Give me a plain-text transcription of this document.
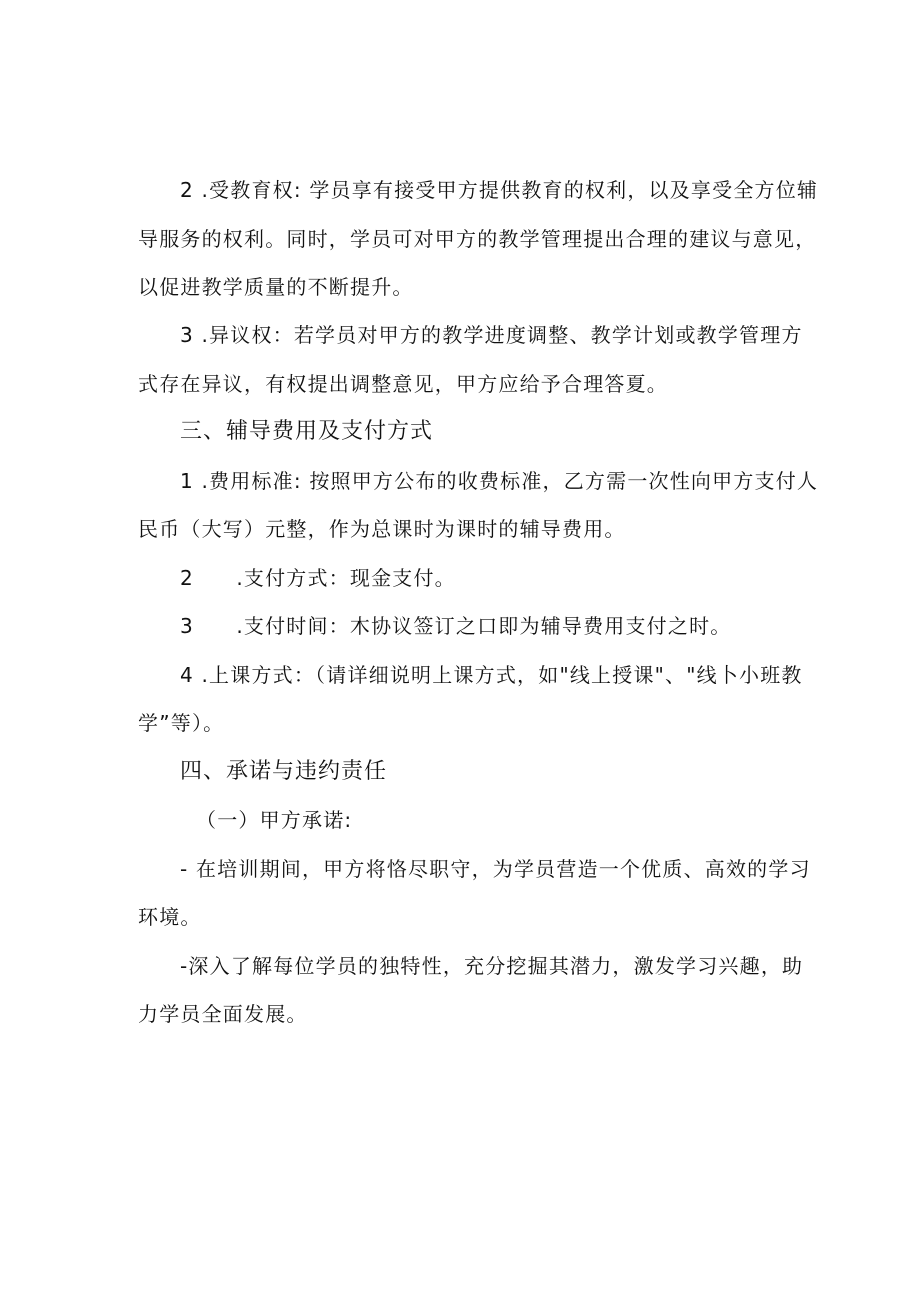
2 .受教育权: 学员享有接受甲方提供教育的权利，以及享受全方位辅
导服务的权利。同时，学员可对甲方的教学管理提出合理的建议与意见，
以促进教学质量的不断提升。
3 .异议权：若学员对甲方的教学进度调整、教学计划或教学管理方
式存在异议，有权提出调整意见，甲方应给予合理答夏。
三、辅导费用及支付方式
1 .费用标准: 按照甲方公布的收费标准，乙方需一次性向甲方支付人
民币（大写）元整，作为总课时为课时的辅导费用。
2　　.支付方式：现金支付。
3　　.支付时间：木协议签订之口即为辅导费用支付之时。
4 .上课方式：（请详细说明上课方式，如"线上授课"、"线卜小班教
学”等）。
四、承诺与违约责任
（一）甲方承诺:
- 在培训期间，甲方将恪尽职守，为学员营造一个优质、高效的学习
环境。
-深入了解每位学员的独特性，充分挖掘其潜力，激发学习兴趣，助
力学员全面发展。
